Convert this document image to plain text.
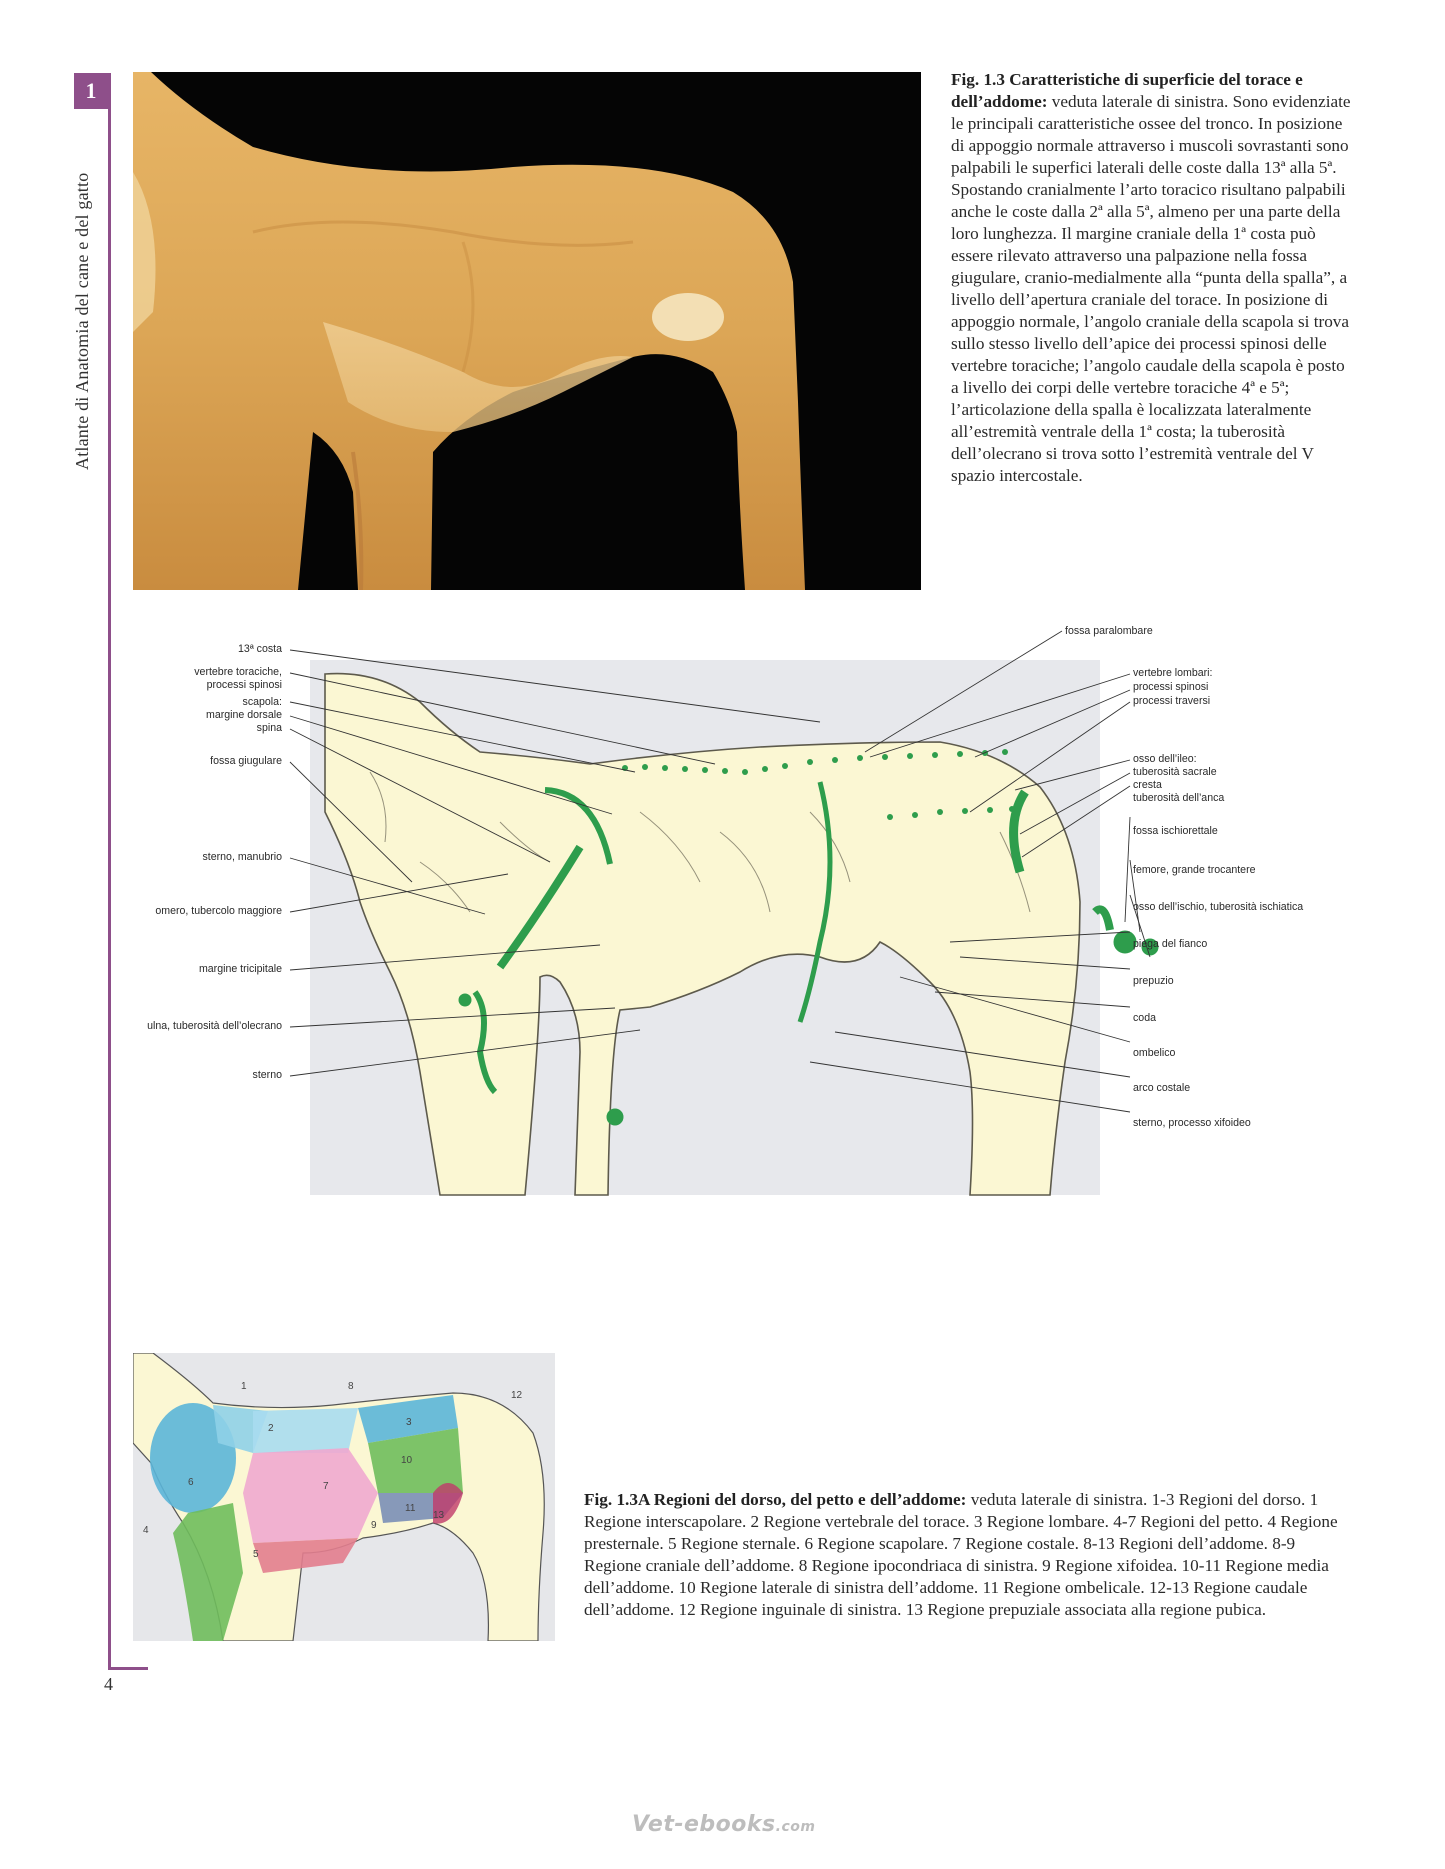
1
Atlante di Anatomia del cane e del gatto
4
Fig. 1.3 Caratteristiche di superficie del torace e dell’addome: veduta laterale di sinistra. Sono evidenziate le principali caratteristiche ossee del tronco. In posizione di appoggio normale attraverso i muscoli sovrastanti sono palpabili le superfici laterali delle coste dalla 13ª alla 5ª. Spostando cranialmente l’arto toracico risultano palpabili anche le coste dalla 2ª alla 5ª, almeno per una parte della loro lunghezza. Il margine craniale della 1ª costa può essere rilevato attraverso una palpazione nella fossa giugulare, cranio-medialmente alla “punta della spalla”, a livello dell’apertura craniale del torace. In posizione di appoggio normale, l’angolo craniale della scapola si trova sullo stesso livello dell’apice dei processi spinosi delle vertebre toraciche; l’angolo caudale della scapola è posto a livello dei corpi delle vertebre toraciche 4ª e 5ª; l’articolazione della spalla è localizzata lateralmente all’estremità ventrale della 1ª costa; la tuberosità dell’olecrano si trova sotto l’estremità ventrale del V spazio intercostale.
13ª costa
vertebre toraciche,
processi spinosi
scapola:
margine dorsale
spina
fossa giugulare
sterno, manubrio
omero, tubercolo maggiore
margine tricipitale
ulna, tuberosità dell’olecrano
sterno
fossa paralombare
vertebre lombari:
processi spinosi
processi traversi
osso dell’ileo:
tuberosità sacrale
cresta
tuberosità dell’anca
fossa ischiorettale
femore, grande trocantere
osso dell’ischio, tuberosità ischiatica
piega del fianco
prepuzio
coda
ombelico
arco costale
sterno, processo xifoideo
1
2
3
4
5
6	7
8
9
10
11
12
13
Fig. 1.3A Regioni del dorso, del petto e dell’addome: veduta laterale di sinistra. 1-3 Regioni del dorso. 1 Regione interscapolare. 2 Regione vertebrale del torace. 3 Regione lombare. 4-7 Regioni del petto. 4 Regione presternale. 5 Regione sternale. 6 Regione scapolare. 7 Regione costale. 8-13 Regioni dell’addome. 8-9 Regione craniale dell’addome. 8 Regione ipocondriaca di sinistra. 9 Regione xifoidea. 10-11 Regione media dell’addome. 10 Regione laterale di sinistra dell’addome. 11 Regione ombelicale. 12-13 Regione caudale dell’addome. 12 Regione inguinale di sinistra. 13 Regione prepuziale associata alla regione pubica.
Vet-ebooks.com
